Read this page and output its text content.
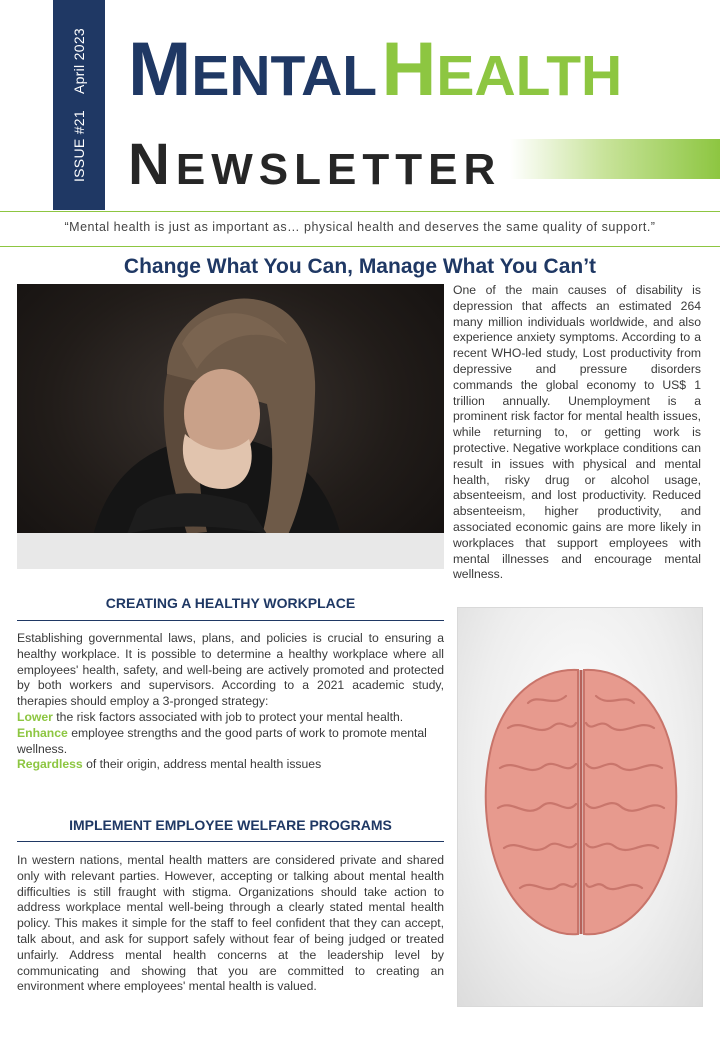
ISSUE #21
April 2023 MENTAL HEALTH
NEWSLETTER
“Mental health is just as important as… physical health and deserves the same quality of support.”
Change What You Can, Manage What You Can’t
One of the main causes of disability is depression that affects an estimated 264 many million individuals worldwide, and also experience anxiety symptoms. According to a recent WHO-led study, Lost productivity from depressive and pressure disorders commands the global economy to US$ 1 trillion annually. Unemployment is a prominent risk factor for mental health issues, while returning to, or getting work is protective. Negative workplace conditions can result in issues with physical and mental health, risky drug or alcohol usage, absenteeism, and lost productivity. Reduced absenteeism, higher productivity, and associated economic gains are more likely in workplaces that support employees with mental illnesses and encourage mental wellness.
CREATING A HEALTHY WORKPLACE
Establishing governmental laws, plans, and policies is crucial to ensuring a healthy workplace. It is possible to determine a healthy workplace where all employees' health, safety, and well-being are actively promoted and protected by both workers and supervisors. According to a 2021 academic study, therapies should employ a 3-pronged strategy:
Lower the risk factors associated with job to protect your mental health.
Enhance employee strengths and the good parts of work to promote mental wellness.
Regardless of their origin, address mental health issues
IMPLEMENT EMPLOYEE WELFARE PROGRAMS
In western nations, mental health matters are considered private and shared only with relevant parties. However, accepting or talking about mental health difficulties is still fraught with stigma. Organizations should take action to address workplace mental well-being through a clearly stated mental health policy. This makes it simple for the staff to feel confident that they can accept, talk about, and ask for support safely without fear of being judged or treated unfairly. Address mental health concerns at the leadership level by communicating and showing that you are committed to creating an environment where employees' mental health is valued.
